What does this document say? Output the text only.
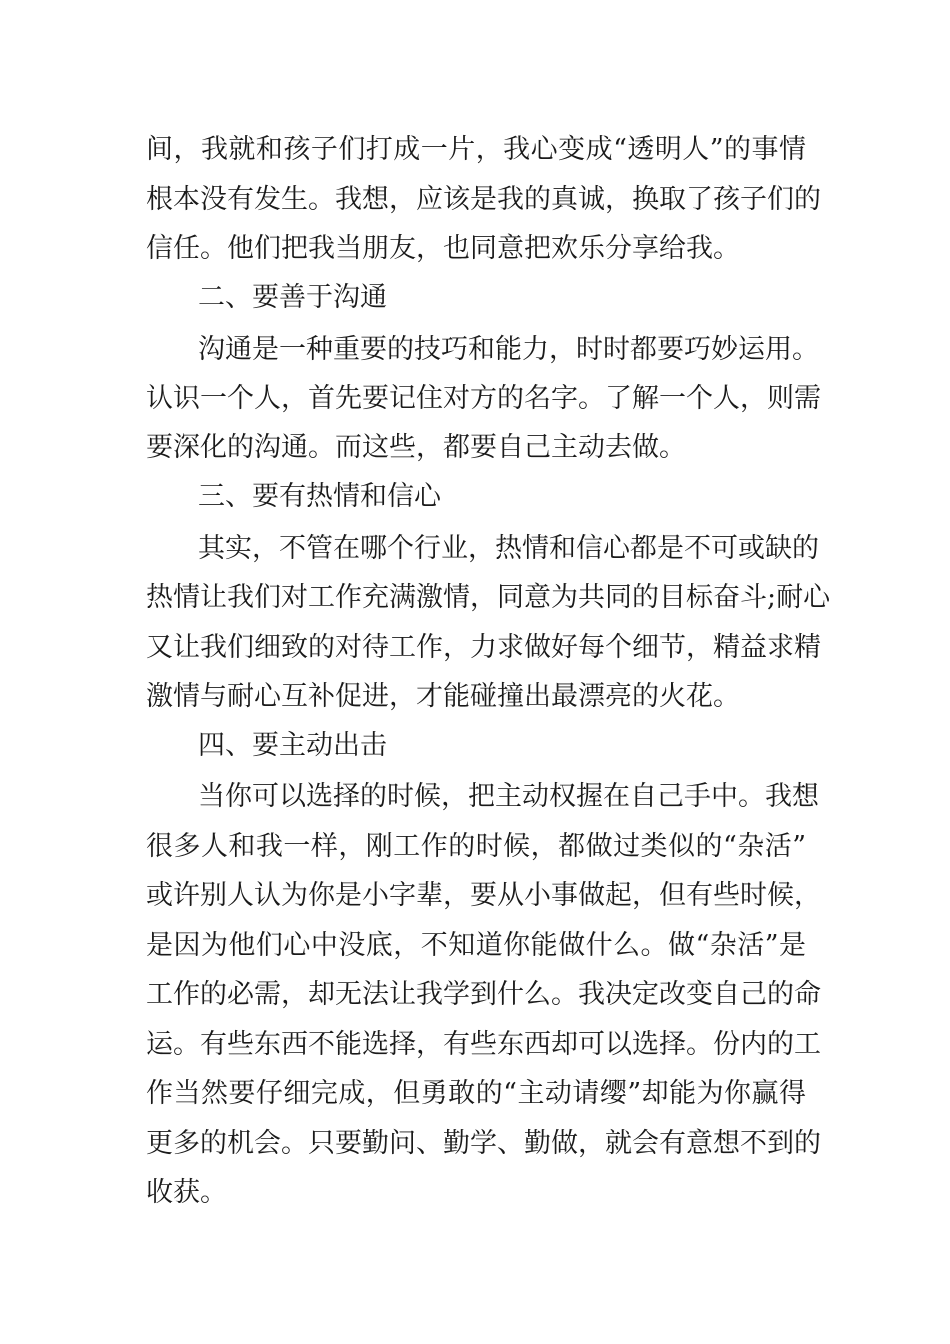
间，我就和孩子们打成一片，我心变成“透明人”的事情
根本没有发生。我想，应该是我的真诚，换取了孩子们的
信任。他们把我当朋友，也同意把欢乐分享给我。
二、要善于沟通
沟通是一种重要的技巧和能力，时时都要巧妙运用。
认识一个人，首先要记住对方的名字。了解一个人，则需
要深化的沟通。而这些，都要自己主动去做。
三、要有热情和信心
其实，不管在哪个行业，热情和信心都是不可或缺的
热情让我们对工作充满激情，同意为共同的目标奋斗;耐心
又让我们细致的对待工作，力求做好每个细节，精益求精
激情与耐心互补促进，才能碰撞出最漂亮的火花。
四、要主动出击
当你可以选择的时候，把主动权握在自己手中。我想
很多人和我一样，刚工作的时候，都做过类似的“杂活”
或许别人认为你是小字辈，要从小事做起，但有些时候，
是因为他们心中没底，不知道你能做什么。做“杂活”是
工作的必需，却无法让我学到什么。我决定改变自己的命
运。有些东西不能选择，有些东西却可以选择。份内的工
作当然要仔细完成，但勇敢的“主动请缨”却能为你赢得
更多的机会。只要勤问、勤学、勤做，就会有意想不到的
收获。
